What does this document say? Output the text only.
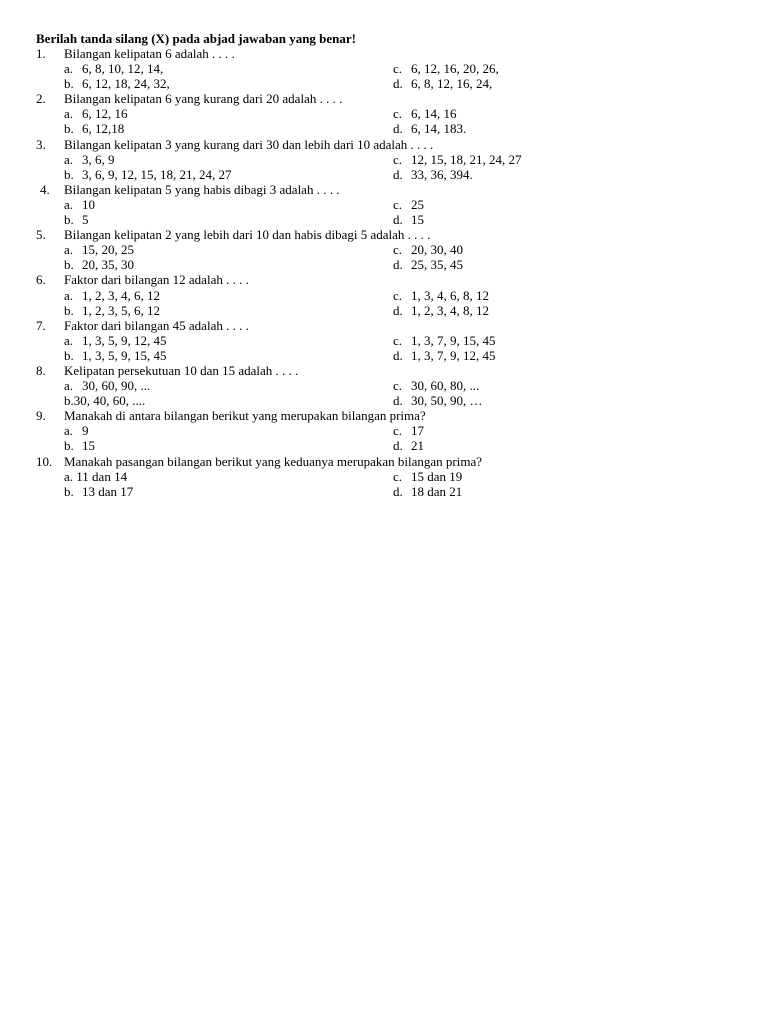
Berilah tanda silang (X) pada abjad jawaban yang benar!
1. Bilangan kelipatan 6 adalah . . . .
a. 6, 8, 10, 12, 14,	c. 6, 12, 16, 20, 26,
b. 6, 12, 18, 24, 32,	d. 6, 8, 12, 16, 24,
2. Bilangan kelipatan 6 yang kurang dari 20 adalah . . . .
a. 6, 12, 16	c. 6, 14, 16
b. 6, 12,18	d. 6, 14, 183.
3. Bilangan kelipatan 3 yang kurang dari 30 dan lebih dari 10 adalah . . . .
a. 3, 6, 9	c. 12, 15, 18, 21, 24, 27
b. 3, 6, 9, 12, 15, 18, 21, 24, 27	d. 33, 36, 394.
4. Bilangan kelipatan 5 yang habis dibagi 3 adalah . . . .
a. 10	c. 25
b. 5	d. 15
5. Bilangan kelipatan 2 yang lebih dari 10 dan habis dibagi 5 adalah . . . .
a. 15, 20, 25	c. 20, 30, 40
b. 20, 35, 30	d. 25, 35, 45
6. Faktor dari bilangan 12 adalah . . . .
a. 1, 2, 3, 4, 6, 12	c. 1, 3, 4, 6, 8, 12
b. 1, 2, 3, 5, 6, 12	d. 1, 2, 3, 4, 8, 12
7. Faktor dari bilangan 45 adalah . . . .
a. 1, 3, 5, 9, 12, 45	c. 1, 3, 7, 9, 15, 45
b. 1, 3, 5, 9, 15, 45	d. 1, 3, 7, 9, 12, 45
8. Kelipatan persekutuan 10 dan 15 adalah . . . .
a. 30, 60, 90, ...	c. 30, 60, 80, ...
b.30, 40, 60, ....	d. 30, 50, 90, …
9. Manakah di antara bilangan berikut yang merupakan bilangan prima?
a. 9	c. 17
b. 15	d. 21
10. Manakah pasangan bilangan berikut yang keduanya merupakan bilangan prima?
a. 11 dan 14	c. 15 dan 19
b. 13 dan 17	d. 18 dan 21
